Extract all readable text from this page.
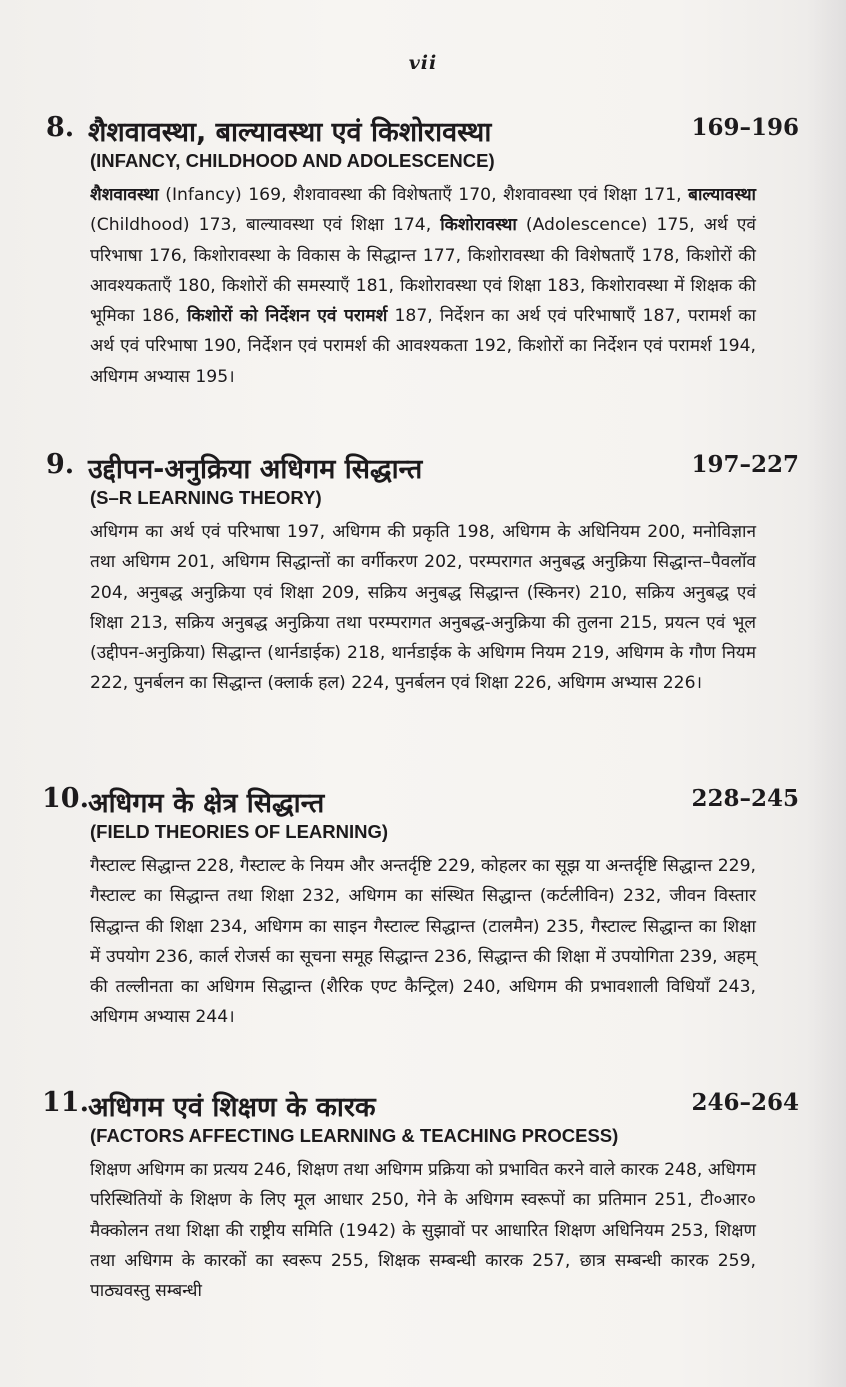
vii
8. शैशवावस्था, बाल्यावस्था एवं किशोरावस्था	169–196
(INFANCY, CHILDHOOD AND ADOLESCENCE)
शैशवावस्था (Infancy) 169, शैशवावस्था की विशेषताएँ 170, शैशवावस्था एवं शिक्षा 171, बाल्यावस्था (Childhood) 173, बाल्यावस्था एवं शिक्षा 174, किशोरावस्था (Adolescence) 175, अर्थ एवं परिभाषा 176, किशोरावस्था के विकास के सिद्धान्त 177, किशोरावस्था की विशेषताएँ 178, किशोरों की आवश्यकताएँ 180, किशोरों की समस्याएँ 181, किशोरावस्था एवं शिक्षा 183, किशोरावस्था में शिक्षक की भूमिका 186, किशोरों को निर्देशन एवं परामर्श 187, निर्देशन का अर्थ एवं परिभाषाएँ 187, परामर्श का अर्थ एवं परिभाषा 190, निर्देशन एवं परामर्श की आवश्यकता 192, किशोरों का निर्देशन एवं परामर्श 194, अधिगम अभ्यास 195।
9. उद्दीपन-अनुक्रिया अधिगम सिद्धान्त	197–227
(S–R LEARNING THEORY)
अधिगम का अर्थ एवं परिभाषा 197, अधिगम की प्रकृति 198, अधिगम के अधिनियम 200, मनोविज्ञान तथा अधिगम 201, अधिगम सिद्धान्तों का वर्गीकरण 202, परम्परागत अनुबद्ध अनुक्रिया सिद्धान्त–पैवलॉव 204, अनुबद्ध अनुक्रिया एवं शिक्षा 209, सक्रिय अनुबद्ध सिद्धान्त (स्किनर) 210, सक्रिय अनुबद्ध एवं शिक्षा 213, सक्रिय अनुबद्ध अनुक्रिया तथा परम्परागत अनुबद्ध-अनुक्रिया की तुलना 215, प्रयत्न एवं भूल (उद्दीपन-अनुक्रिया) सिद्धान्त (थार्नडाईक) 218, थार्नडाईक के अधिगम नियम 219, अधिगम के गौण नियम 222, पुनर्बलन का सिद्धान्त (क्लार्क हल) 224, पुनर्बलन एवं शिक्षा 226, अधिगम अभ्यास 226।
10. अधिगम के क्षेत्र सिद्धान्त	228–245
(FIELD THEORIES OF LEARNING)
गैस्टाल्ट सिद्धान्त 228, गैस्टाल्ट के नियम और अन्तर्दृष्टि 229, कोहलर का सूझ या अन्तर्दृष्टि सिद्धान्त 229, गैस्टाल्ट का सिद्धान्त तथा शिक्षा 232, अधिगम का संस्थित सिद्धान्त (कर्टलीविन) 232, जीवन विस्तार सिद्धान्त की शिक्षा 234, अधिगम का साइन गैस्टाल्ट सिद्धान्त (टालमैन) 235, गैस्टाल्ट सिद्धान्त का शिक्षा में उपयोग 236, कार्ल रोजर्स का सूचना समूह सिद्धान्त 236, सिद्धान्त की शिक्षा में उपयोगिता 239, अहम् की तल्लीनता का अधिगम सिद्धान्त (शैरिक एण्ट कैन्ट्रिल) 240, अधिगम की प्रभावशाली विधियाँ 243, अधिगम अभ्यास 244।
11. अधिगम एवं शिक्षण के कारक	246–264
(FACTORS AFFECTING LEARNING & TEACHING PROCESS)
शिक्षण अधिगम का प्रत्यय 246, शिक्षण तथा अधिगम प्रक्रिया को प्रभावित करने वाले कारक 248, अधिगम परिस्थितियों के शिक्षण के लिए मूल आधार 250, गेने के अधिगम स्वरूपों का प्रतिमान 251, टी०आर० मैक्कोलन तथा शिक्षा की राष्ट्रीय समिति (1942) के सुझावों पर आधारित शिक्षण अधिनियम 253, शिक्षण तथा अधिगम के कारकों का स्वरूप 255, शिक्षक सम्बन्धी कारक 257, छात्र सम्बन्धी कारक 259, पाठ्यवस्तु सम्बन्धी
